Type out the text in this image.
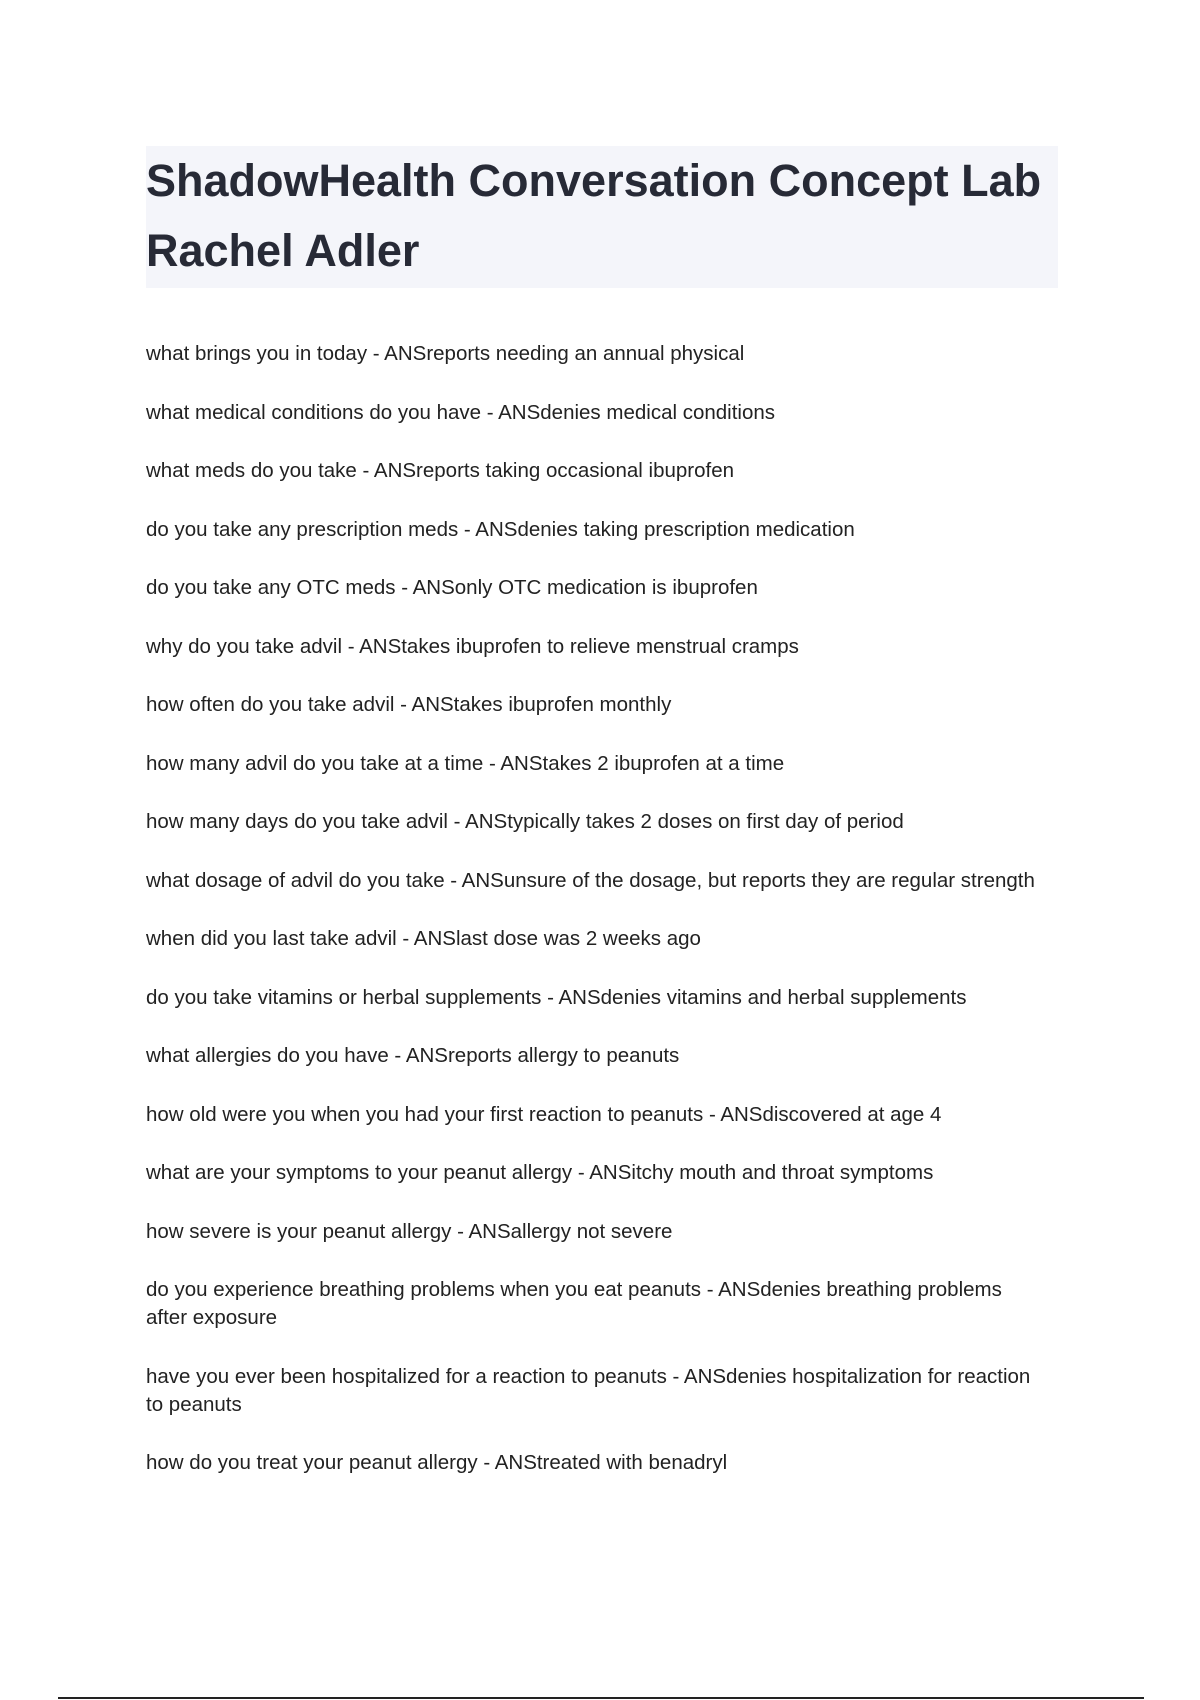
ShadowHealth Conversation Concept Lab Rachel Adler

what brings you in today - ANSreports needing an annual physical

what medical conditions do you have - ANSdenies medical conditions

what meds do you take - ANSreports taking occasional ibuprofen

do you take any prescription meds - ANSdenies taking prescription medication

do you take any OTC meds - ANSonly OTC medication is ibuprofen

why do you take advil - ANStakes ibuprofen to relieve menstrual cramps

how often do you take advil - ANStakes ibuprofen monthly

how many advil do you take at a time - ANStakes 2 ibuprofen at a time

how many days do you take advil - ANStypically takes 2 doses on first day of period

what dosage of advil do you take - ANSunsure of the dosage, but reports they are regular strength

when did you last take advil - ANSlast dose was 2 weeks ago

do you take vitamins or herbal supplements - ANSdenies vitamins and herbal supplements

what allergies do you have - ANSreports allergy to peanuts

how old were you when you had your first reaction to peanuts - ANSdiscovered at age 4

what are your symptoms to your peanut allergy - ANSitchy mouth and throat symptoms

how severe is your peanut allergy - ANSallergy not severe

do you experience breathing problems when you eat peanuts - ANSdenies breathing problems after exposure

have you ever been hospitalized for a reaction to peanuts - ANSdenies hospitalization for reaction to peanuts

how do you treat your peanut allergy - ANStreated with benadryl
